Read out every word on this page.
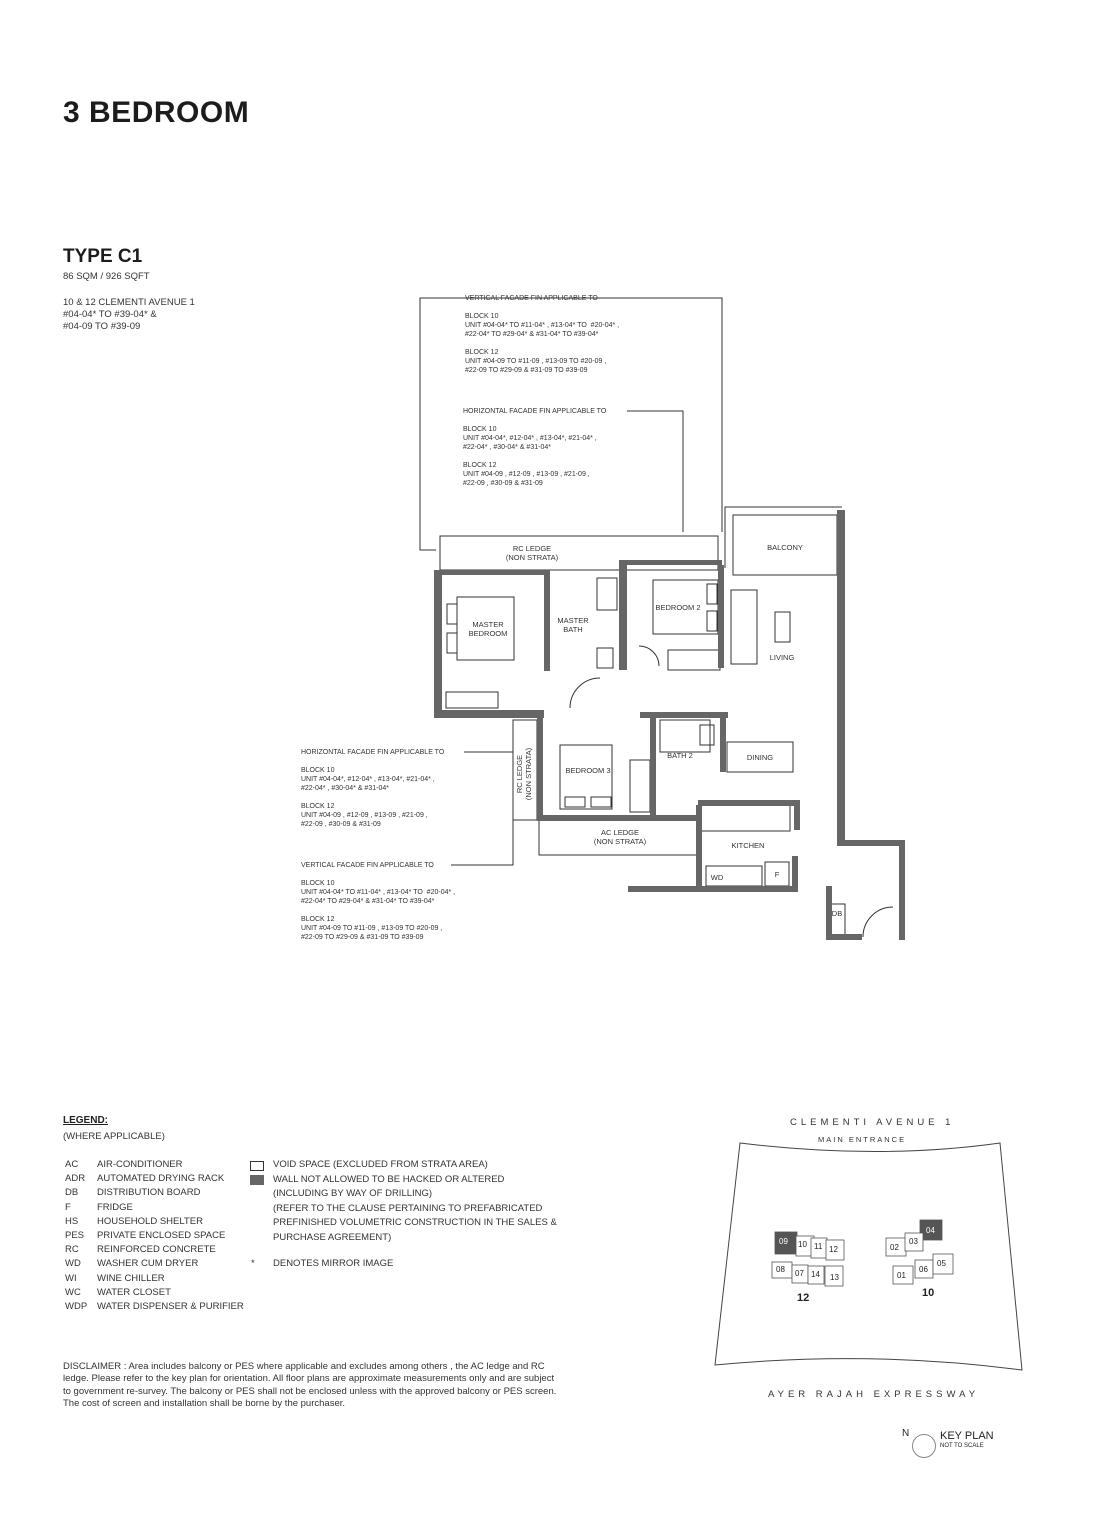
3 BEDROOM
TYPE C1
86 SQM / 926 SQFT
10 & 12 CLEMENTI AVENUE 1
#04-04* TO #39-04* &
#04-09 TO #39-09
RC LEDGE
(NON STRATA)
BALCONY
MASTER
BEDROOM
MASTER
BATH
BEDROOM 2
LIVING
BATH 2	DINING
BEDROOM 3
RC LEDGE
(NON STRATA)
AC LEDGE
(NON STRATA)	KITCHEN
WD	F
DB
VERTICAL FACADE FIN APPLICABLE TO

BLOCK 10
UNIT #04-04* TO #11-04* , #13-04* TO  #20-04* ,
#22-04* TO #29-04* & #31-04* TO #39-04*

BLOCK 12
UNIT #04-09 TO #11-09 , #13-09 TO #20-09 ,
#22-09 TO #29-09 & #31-09 TO #39-09
HORIZONTAL FACADE FIN APPLICABLE TO

BLOCK 10
UNIT #04-04*, #12-04* , #13-04*, #21-04* ,
#22-04* , #30-04* & #31-04*

BLOCK 12
UNIT #04-09 , #12-09 , #13-09 , #21-09 ,
#22-09 , #30-09 & #31-09
HORIZONTAL FACADE FIN APPLICABLE TO

BLOCK 10
UNIT #04-04*, #12-04* , #13-04*, #21-04* ,
#22-04* , #30-04* & #31-04*

BLOCK 12
UNIT #04-09 , #12-09 , #13-09 , #21-09 ,
#22-09 , #30-09 & #31-09
VERTICAL FACADE FIN APPLICABLE TO

BLOCK 10
UNIT #04-04* TO #11-04* , #13-04* TO  #20-04* ,
#22-04* TO #29-04* & #31-04* TO #39-04*

BLOCK 12
UNIT #04-09 TO #11-09 , #13-09 TO #20-09 ,
#22-09 TO #29-09 & #31-09 TO #39-09
LEGEND:
(WHERE APPLICABLE)
AC	AIR-CONDITIONER
ADR	AUTOMATED DRYING RACK
DB	DISTRIBUTION BOARD
F	FRIDGE
HS	HOUSEHOLD SHELTER
PES	PRIVATE ENCLOSED SPACE
RC	REINFORCED CONCRETE
WD	WASHER CUM DRYER
WI	WINE CHILLER
WC	WATER CLOSET
WDP	WATER DISPENSER & PURIFIER
VOID SPACE (EXCLUDED FROM STRATA AREA)
WALL NOT ALLOWED TO BE HACKED OR ALTERED
(INCLUDING BY WAY OF DRILLING)
(REFER TO THE CLAUSE PERTAINING TO PREFABRICATED
PREFINISHED VOLUMETRIC CONSTRUCTION IN THE SALES &
PURCHASE AGREEMENT)
* DENOTES MIRROR IMAGE
DISCLAIMER : Area includes balcony or PES where applicable and excludes among others , the AC ledge and RC ledge. Please refer to the key plan for orientation. All floor plans are approximate measurements only and are subject to government re-survey. The balcony or PES shall not be enclosed unless with the approved balcony or PES screen. The cost of screen and installation shall be borne by the purchaser.
CLEMENTI AVENUE 1
MAIN ENTRANCE
09 10 11 12
08 07 14 13
12
02
03
04
01
06
05
10
AYER RAJAH EXPRESSWAY
N	KEY PLAN
NOT TO SCALE
